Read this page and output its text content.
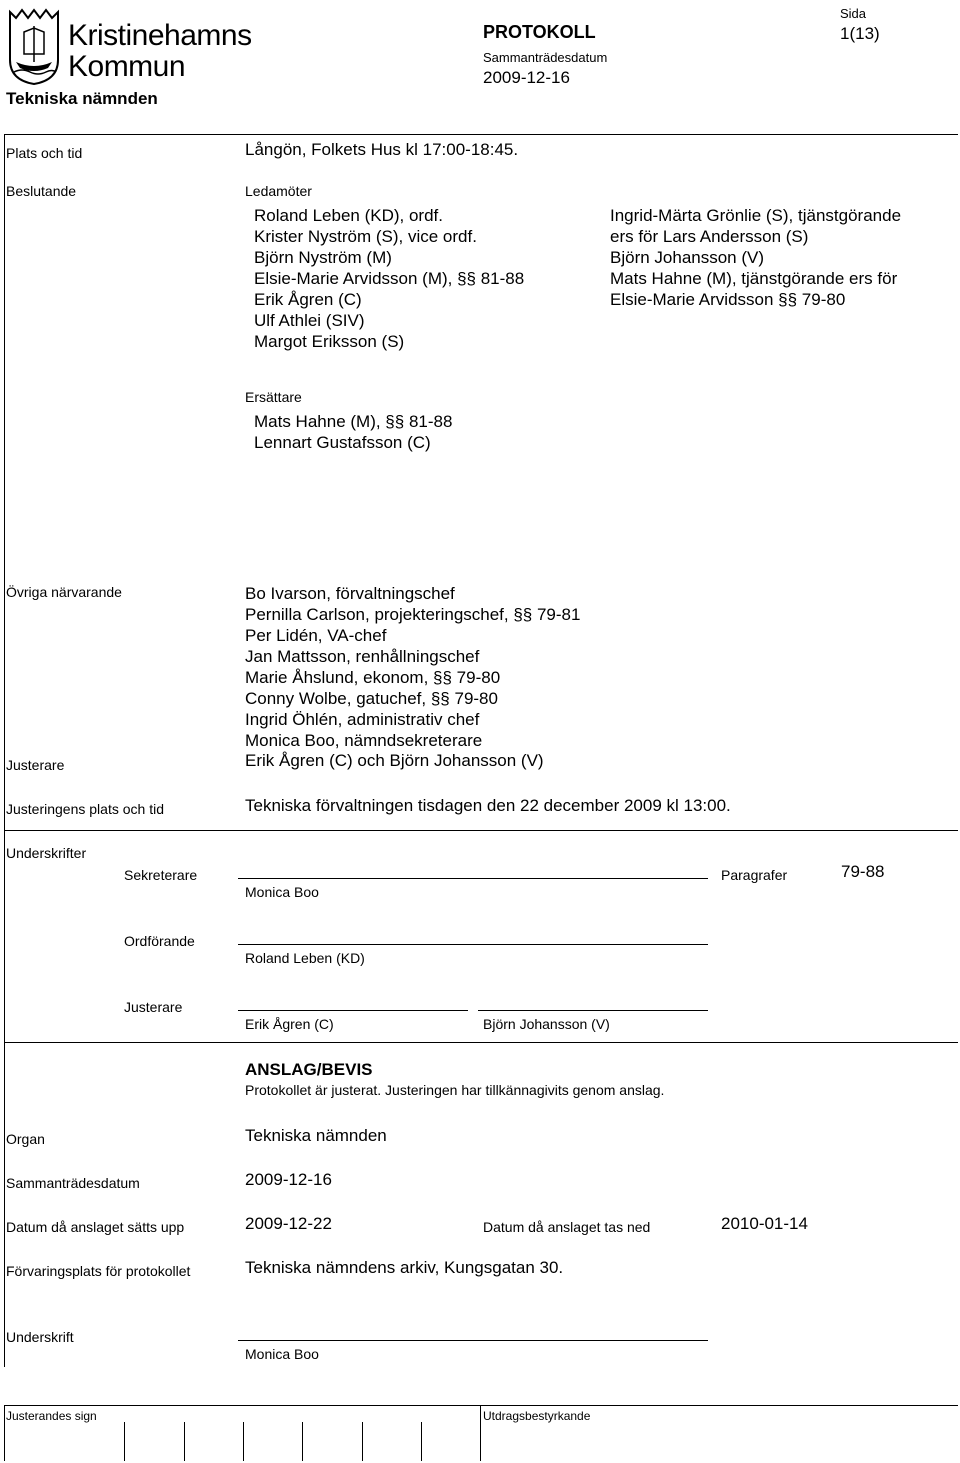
Kristinehamns
Kommun
Tekniska nämnden
PROTOKOLL
Sammanträdesdatum
2009-12-16
Sida
1(13)
Plats och tid	Långön, Folkets Hus kl 17:00-18:45.
Beslutande	Ledamöter
Roland Leben (KD), ordf.
Krister Nyström (S), vice ordf.
Björn Nyström (M)
Elsie-Marie Arvidsson (M), §§ 81-88
Erik Ågren (C)
Ulf Athlei (SIV)
Margot Eriksson (S)
Ingrid-Märta Grönlie (S), tjänstgörande
ers för Lars Andersson (S)
Björn Johansson (V)
Mats Hahne (M), tjänstgörande ers för
Elsie-Marie Arvidsson §§ 79-80
Ersättare
Mats Hahne (M), §§ 81-88
Lennart Gustafsson (C)
Övriga närvarande	Bo Ivarson, förvaltningschef
Pernilla Carlson, projekteringschef, §§ 79-81
Per Lidén, VA-chef
Jan Mattsson, renhållningschef
Marie Åhslund, ekonom, §§ 79-80
Conny Wolbe, gatuchef, §§ 79-80
Ingrid Öhlén, administrativ chef
Monica Boo, nämndsekreterare
Justerare	Erik Ågren (C) och Björn Johansson (V)
Justeringens plats och tid	Tekniska förvaltningen tisdagen den 22 december 2009 kl 13:00.
Underskrifter
Sekreterare
Monica Boo
Paragrafer	79-88
Ordförande
Roland Leben (KD)
Justerare
Erik Ågren (C)	Björn Johansson (V)
ANSLAG/BEVIS
Protokollet är justerat. Justeringen har tillkännagivits genom anslag.
Organ	Tekniska nämnden
Sammanträdesdatum	2009-12-16
Datum då anslaget sätts upp	2009-12-22	Datum då anslaget tas ned	2010-01-14
Förvaringsplats för protokollet	Tekniska nämndens arkiv, Kungsgatan 30.
Underskrift
Monica Boo
Justerandes sign	Utdragsbestyrkande
